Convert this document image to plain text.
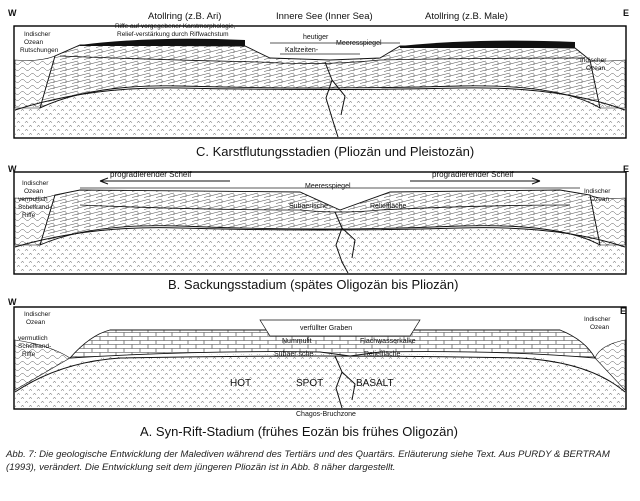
W	E
Atollring (z.B. Ari)	Innere See (Inner Sea)	Atollring (z.B. Male)
Riffe auf vorgegebener Karstmorphologie,
Relief-verstärkung durch Riffwachstum	heutiger
Kaltzeiten-
Meeresspiegel
Indischer
Ozean
Rutschungen
Indischer
Ozean
C. Karstflutungsstadien (Pliozän und Pleistozän)
W	E
progradierender Schelf	progradierender Schelf
Meeresspiegel
Subaerische	Relieffläche
Indischer
Ozean
vermutlich
Schelfrand-
Riffe
Indischer
Ozean
B. Sackungsstadium (spätes Oligozän bis Pliozän)
W
E
verfüllter Graben
Nummulit	Flachwasserkalke
Subaer sche	Relieffläche
HOT	SPOT	BASALT
Indischer
Ozean
vermutlich
Schelfrand-
Riffe
Indischer
Ozean
Chagos-Bruchzone
A. Syn-Rift-Stadium (frühes Eozän bis frühes Oligozän)
Abb. 7: Die geologische Entwicklung der Malediven während des Tertiärs und des Quartärs. Erläuterung siehe Text. Aus PURDY & BERTRAM (1993), verändert. Die Entwicklung seit dem jüngeren Pliozän ist in Abb. 8 näher dargestellt.
